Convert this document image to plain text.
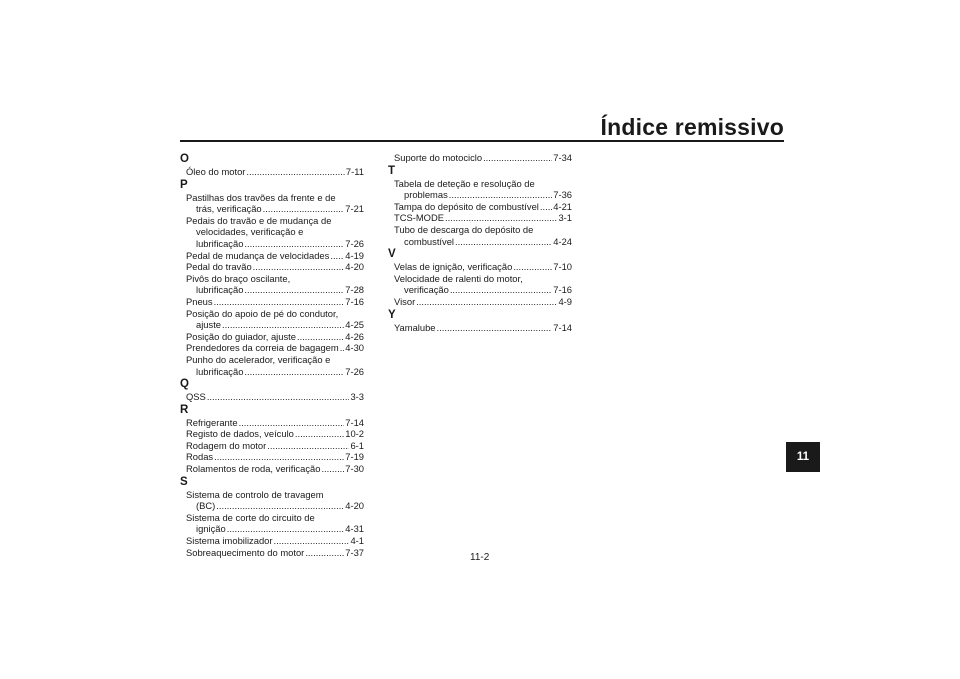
Índice remissivo
O
Óleo do motor .....	7-11
P
Pastilhas dos travões da frente e de
trás, verificação .....	7-21
Pedais do travão e de mudança de
velocidades, verificação e
lubrificação .....	7-26
Pedal de mudança de velocidades ..... 4-19
Pedal do travão .....	4-20
Pivôs do braço oscilante,
lubrificação .....	7-28
Pneus .....	7-16
Posição do apoio de pé do condutor,
ajuste .....	4-25
Posição do guiador, ajuste .....	4-26
Prendedores da correia de bagagem ..... 4-30
Punho do acelerador, verificação e
lubrificação .....	7-26
Q
QSS .....	3-3
R
Refrigerante .....	7-14
Registo de dados, veículo .....	10-2
Rodagem do motor .....	6-1
Rodas .....	7-19
Rolamentos de roda, verificação .....	7-30
S
Sistema de controlo de travagem
(BC) .....	4-20
Sistema de corte do circuito de
ignição .....	4-31
Sistema imobilizador .....	4-1
Sobreaquecimento do motor .....	7-37
Suporte do motociclo .....	7-34
T
Tabela de deteção e resolução de
problemas .....	7-36
Tampa do depósito de combustível ..... 4-21
TCS-MODE .....	3-1
Tubo de descarga do depósito de
combustível .....	4-24
V
Velas de ignição, verificação .....	7-10
Velocidade de ralenti do motor,
verificação .....	7-16
Visor .....	4-9
Y
Yamalube .....	7-14
11
11-2
